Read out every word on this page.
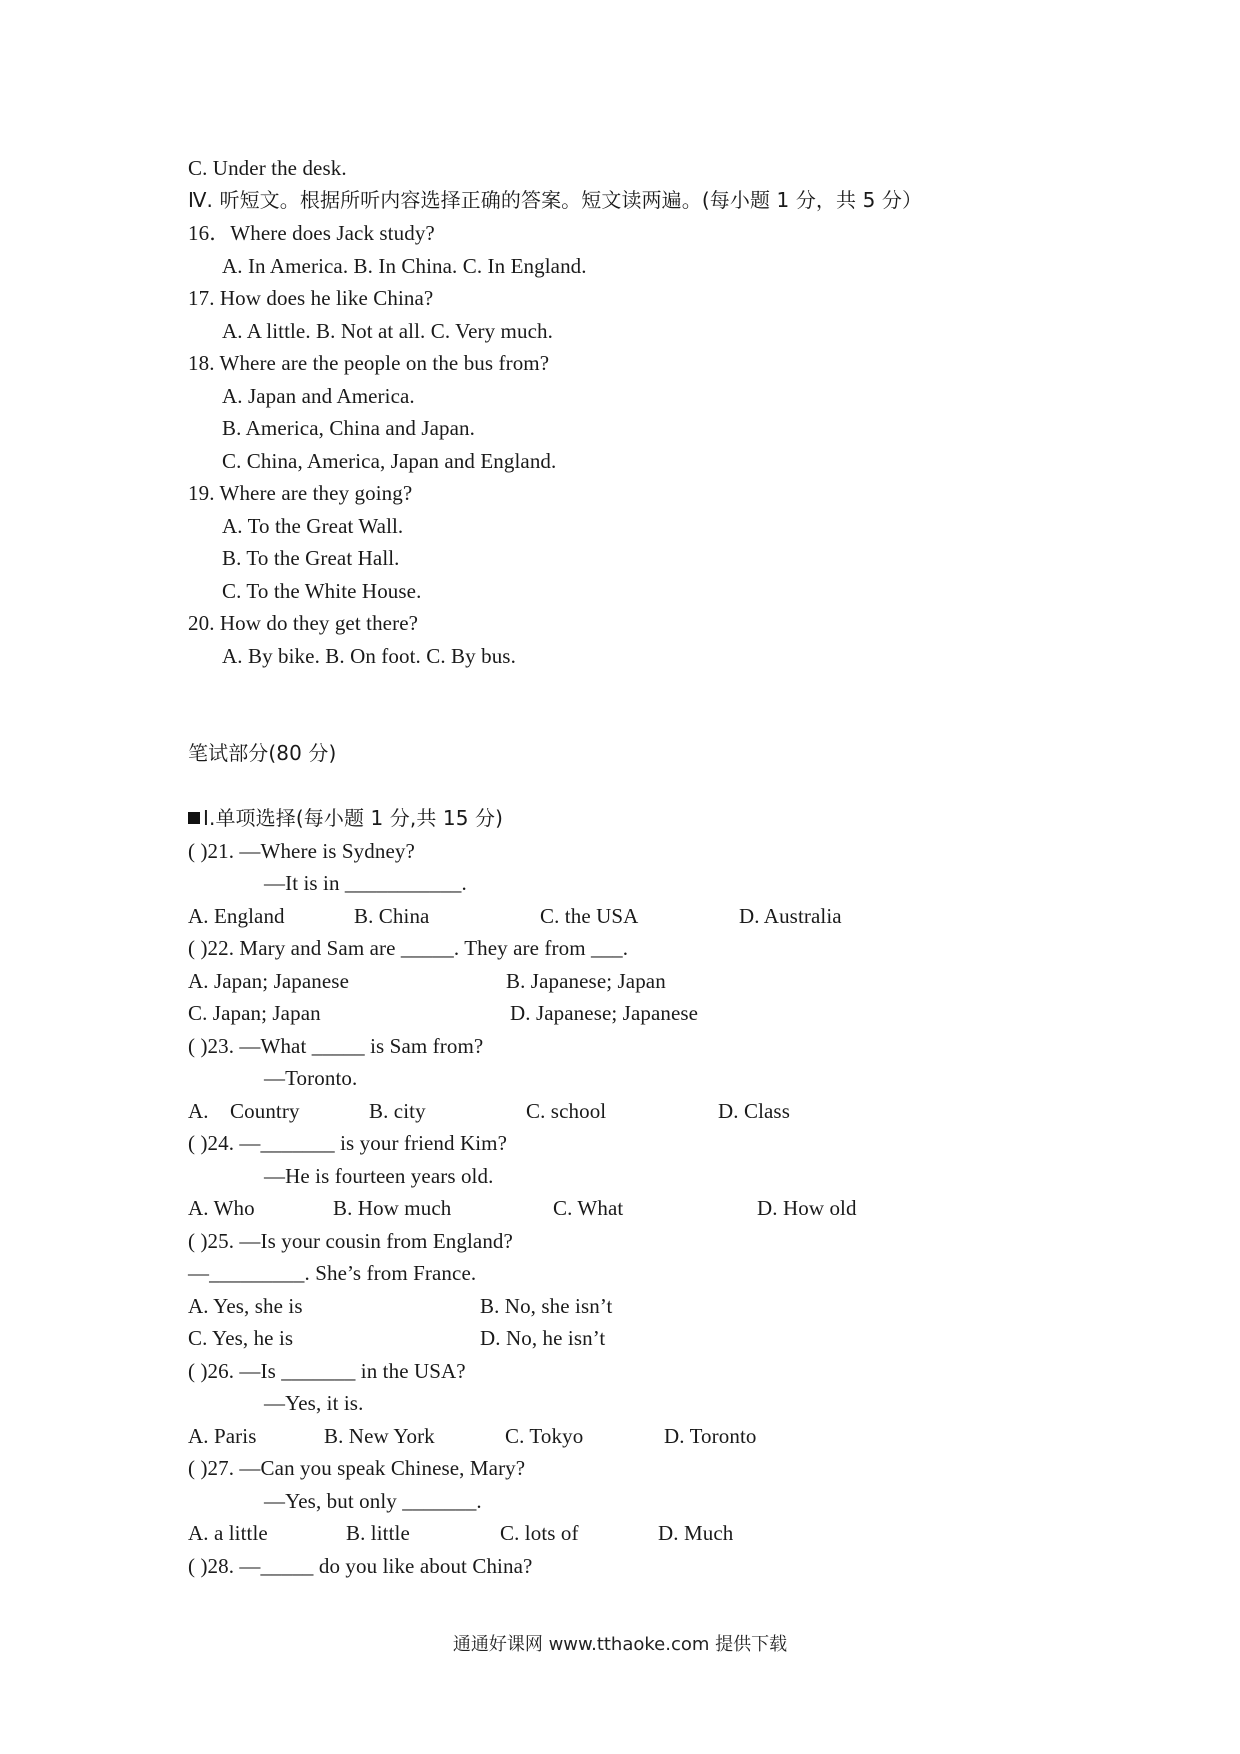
C. Under the desk.
Ⅳ. 听短文。根据所听内容选择正确的答案。短文读两遍。(每小题 1 分，共 5 分）
16．Where does Jack study?
A. In America. B. In China. C. In England.
17. How does he like China?
A. A little. B. Not at all. C. Very much.
18. Where are the people on the bus from?
A. Japan and America.
B. America, China and Japan.
C. China, America, Japan and England.
19. Where are they going?
A. To the Great Wall.
B. To the Great Hall.
C. To the White House.
20. How do they get there?
A. By bike. B. On foot. C. By bus.
笔试部分(80 分)
I.单项选择(每小题 1 分,共 15 分)
( )21. —Where is Sydney?
—It is in ___________.
A. England	B. China	C. the USA	D. Australia
( )22. Mary and Sam are _____. They are from ___.
A. Japan; Japanese	B. Japanese; Japan
C. Japan; Japan	D. Japanese; Japanese
( )23. —What _____ is Sam from?
—Toronto.
A.    Country	B. city	C. school	D. Class
( )24. —_______ is your friend Kim?
—He is fourteen years old.
A. Who	B. How much	C. What	D. How old
( )25. —Is your cousin from England?
—_________. She’s from France.
A. Yes, she is	B. No, she isn’t
C. Yes, he is	D. No, he isn’t
( )26. —Is _______ in the USA?
—Yes, it is.
A. Paris	B. New York	C. Tokyo	D. Toronto
( )27. —Can you speak Chinese, Mary?
—Yes, but only _______.
A. a little	B. little	C. lots of	D. Much
( )28. —_____ do you like about China?
通通好课网 www.tthaoke.com 提供下载
